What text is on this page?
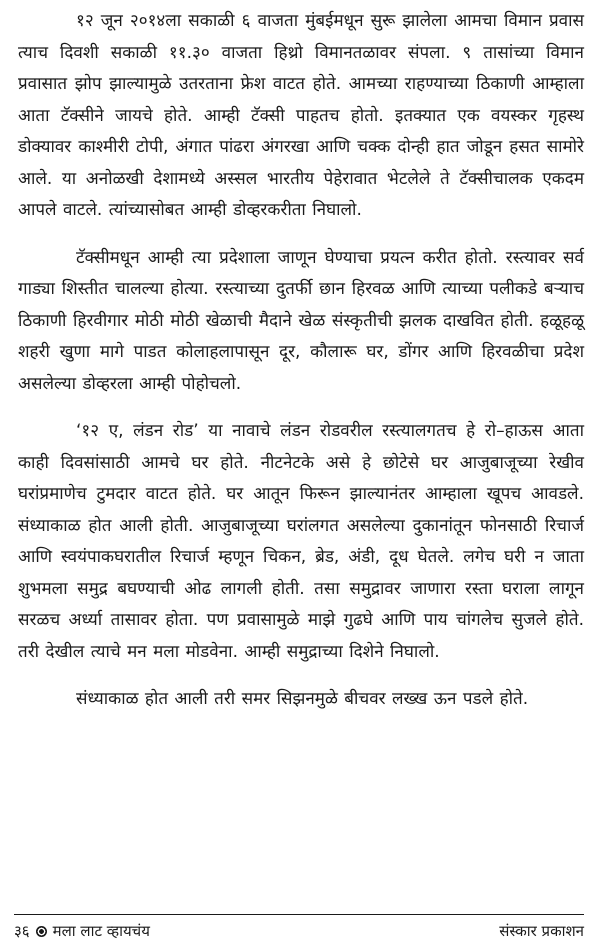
१२ जून २०१४ला सकाळी ६ वाजता मुंबईमधून सुरू झालेला आमचा विमान प्रवास त्याच दिवशी सकाळी ११.३० वाजता हिथ्रो विमानतळावर संपला. ९ तासांच्या विमान प्रवासात झोप झाल्यामुळे उतरताना फ्रेश वाटत होते. आमच्या राहण्याच्या ठिकाणी आम्हाला आता टॅक्सीने जायचे होते. आम्ही टॅक्सी पाहतच होतो. इतक्यात एक वयस्कर गृहस्थ डोक्यावर काश्मीरी टोपी, अंगात पांढरा अंगरखा आणि चक्क दोन्ही हात जोडून हसत सामोरे आले. या अनोळखी देशामध्ये अस्सल भारतीय पेहेरावात भेटलेले ते टॅक्सीचालक एकदम आपले वाटले. त्यांच्यासोबत आम्ही डोव्हरकरीता निघालो.

टॅक्सीमधून आम्ही त्या प्रदेशाला जाणून घेण्याचा प्रयत्न करीत होतो. रस्त्यावर सर्व गाड्या शिस्तीत चालल्या होत्या. रस्त्याच्या दुतर्फी छान हिरवळ आणि त्याच्या पलीकडे बऱ्याच ठिकाणी हिरवीगार मोठी मोठी खेळाची मैदाने खेळ संस्कृतीची झलक दाखवित होती. हळूहळू शहरी खुणा मागे पाडत कोलाहलापासून दूर, कौलारू घर, डोंगर आणि हिरवळीचा प्रदेश असलेल्या डोव्हरला आम्ही पोहोचलो.

‘१२ ए, लंडन रोड’ या नावाचे लंडन रोडवरील रस्त्यालगतच हे रो–हाऊस आता काही दिवसांसाठी आमचे घर होते. नीटनेटके असे हे छोटेसे घर आजुबाजूच्या रेखीव घरांप्रमाणेच टुमदार वाटत होते. घर आतून फिरून झाल्यानंतर आम्हाला खूपच आवडले. संध्याकाळ होत आली होती. आजुबाजूच्या घरांलगत असलेल्या दुकानांतून फोनसाठी रिचार्ज आणि स्वयंपाकघरातील रिचार्ज म्हणून चिकन, ब्रेड, अंडी, दूध घेतले. लगेच घरी न जाता शुभमला समुद्र बघण्याची ओढ लागली होती. तसा समुद्रावर जाणारा रस्ता घराला लागून सरळच अर्ध्या तासावर होता. पण प्रवासामुळे माझे गुढघे आणि पाय चांगलेच सुजले होते. तरी देखील त्याचे मन मला मोडवेना. आम्ही समुद्राच्या दिशेने निघालो.

संध्याकाळ होत आली तरी समर सिझनमुळे बीचवर लख्ख ऊन पडले होते.

३६ मला लाट व्हायचंय	संस्कार प्रकाशन
